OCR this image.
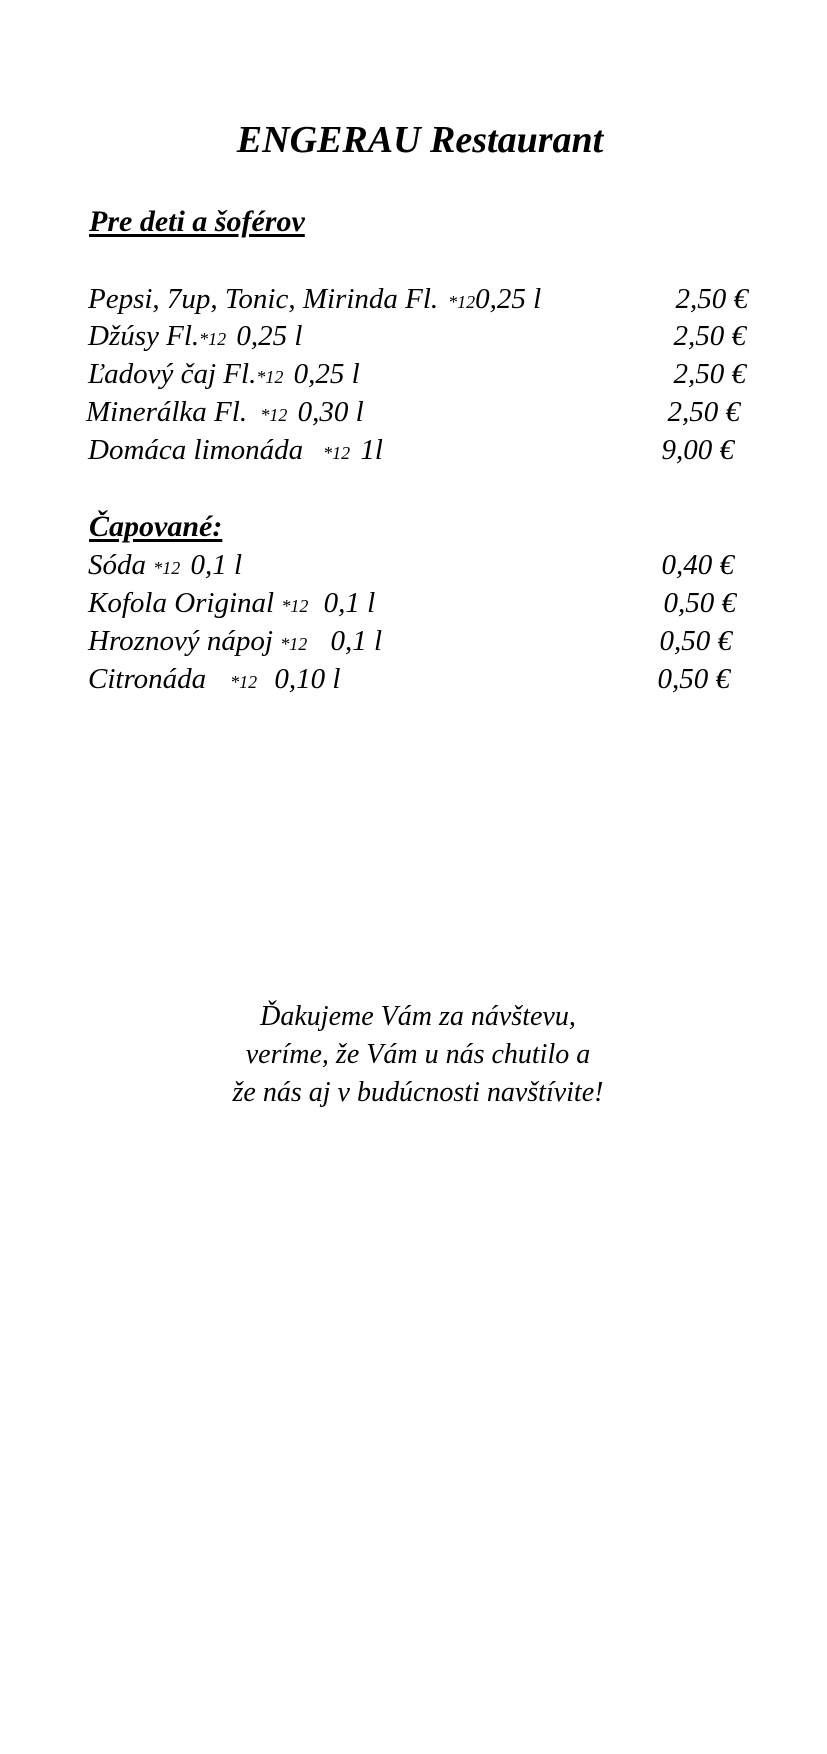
ENGERAU Restaurant
Pre deti a šoférov
Pepsi, 7up, Tonic, Mirinda Fl. *120,25 l	2,50 €
Džúsy Fl.*12 0,25 l	2,50 €
Ľadový čaj Fl.*12 0,25 l	2,50 €
Minerálka Fl. *12 0,30 l	2,50 €
Domáca limonáda *12 1l	9,00 €
Čapované:
Sóda *12 0,1 l	0,40 €
Kofola Original *12 0,1 l	0,50 €
Hroznový nápoj *12 0,1 l	0,50 €
Citronáda *12 0,10 l	0,50 €
Ďakujeme Vám za návštevu,
veríme, že Vám u nás chutilo a
že nás aj v budúcnosti navštívite!
